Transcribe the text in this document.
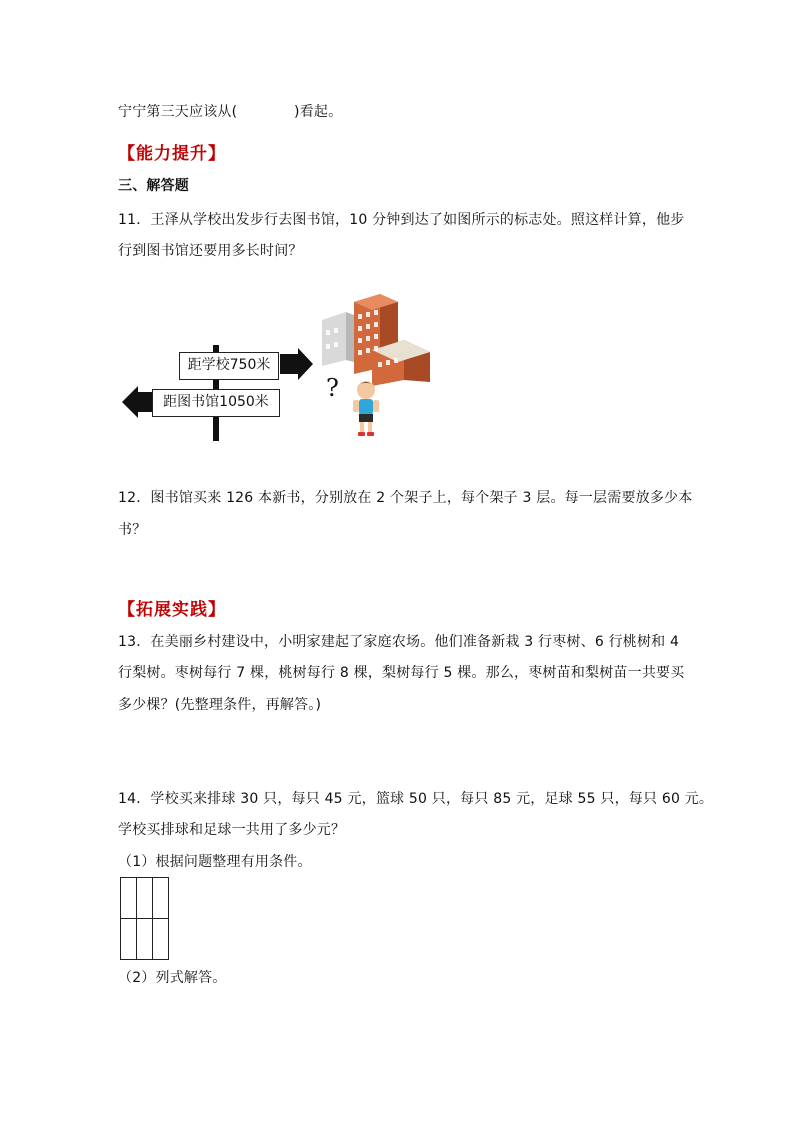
宁宁第三天应该从(　　　　)看起。
【能力提升】
三、解答题
11．王泽从学校出发步行去图书馆，10 分钟到达了如图所示的标志处。照这样计算，他步
行到图书馆还要用多长时间？
距学校750米
距图书馆1050米	?
12．图书馆买来 126 本新书，分别放在 2 个架子上，每个架子 3 层。每一层需要放多少本
书？
【拓展实践】
13．在美丽乡村建设中，小明家建起了家庭农场。他们准备新栽 3 行枣树、6 行桃树和 4
行梨树。枣树每行 7 棵，桃树每行 8 棵，梨树每行 5 棵。那么，枣树苗和梨树苗一共要买
多少棵？(先整理条件，再解答。)
14．学校买来排球 30 只，每只 45 元，篮球 50 只，每只 85 元，足球 55 只，每只 60 元。
学校买排球和足球一共用了多少元？
（1）根据问题整理有用条件。

（2）列式解答。
